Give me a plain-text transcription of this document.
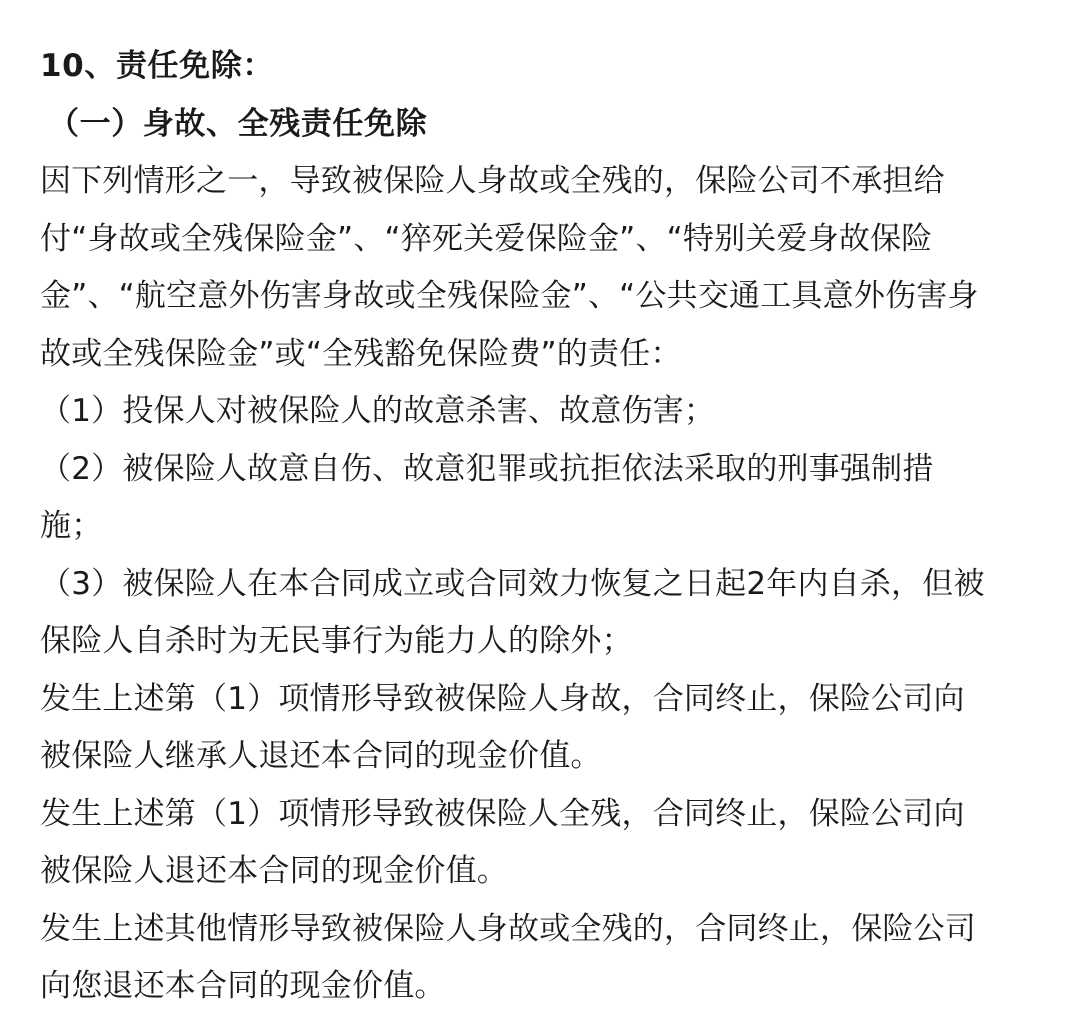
10、责任免除：
（一）身故、全残责任免除
因下列情形之一，导致被保险人身故或全残的，保险公司不承担给
付“身故或全残保险金”、“猝死关爱保险金”、“特别关爱身故保险
金”、“航空意外伤害身故或全残保险金”、“公共交通工具意外伤害身
故或全残保险金”或“全残豁免保险费”的责任：
（1）投保人对被保险人的故意杀害、故意伤害；
（2）被保险人故意自伤、故意犯罪或抗拒依法采取的刑事强制措
施；
（3）被保险人在本合同成立或合同效力恢复之日起2年内自杀，但被
保险人自杀时为无民事行为能力人的除外；
发生上述第（1）项情形导致被保险人身故，合同终止，保险公司向
被保险人继承人退还本合同的现金价值。
发生上述第（1）项情形导致被保险人全残，合同终止，保险公司向
被保险人退还本合同的现金价值。
发生上述其他情形导致被保险人身故或全残的，合同终止，保险公司
向您退还本合同的现金价值。
